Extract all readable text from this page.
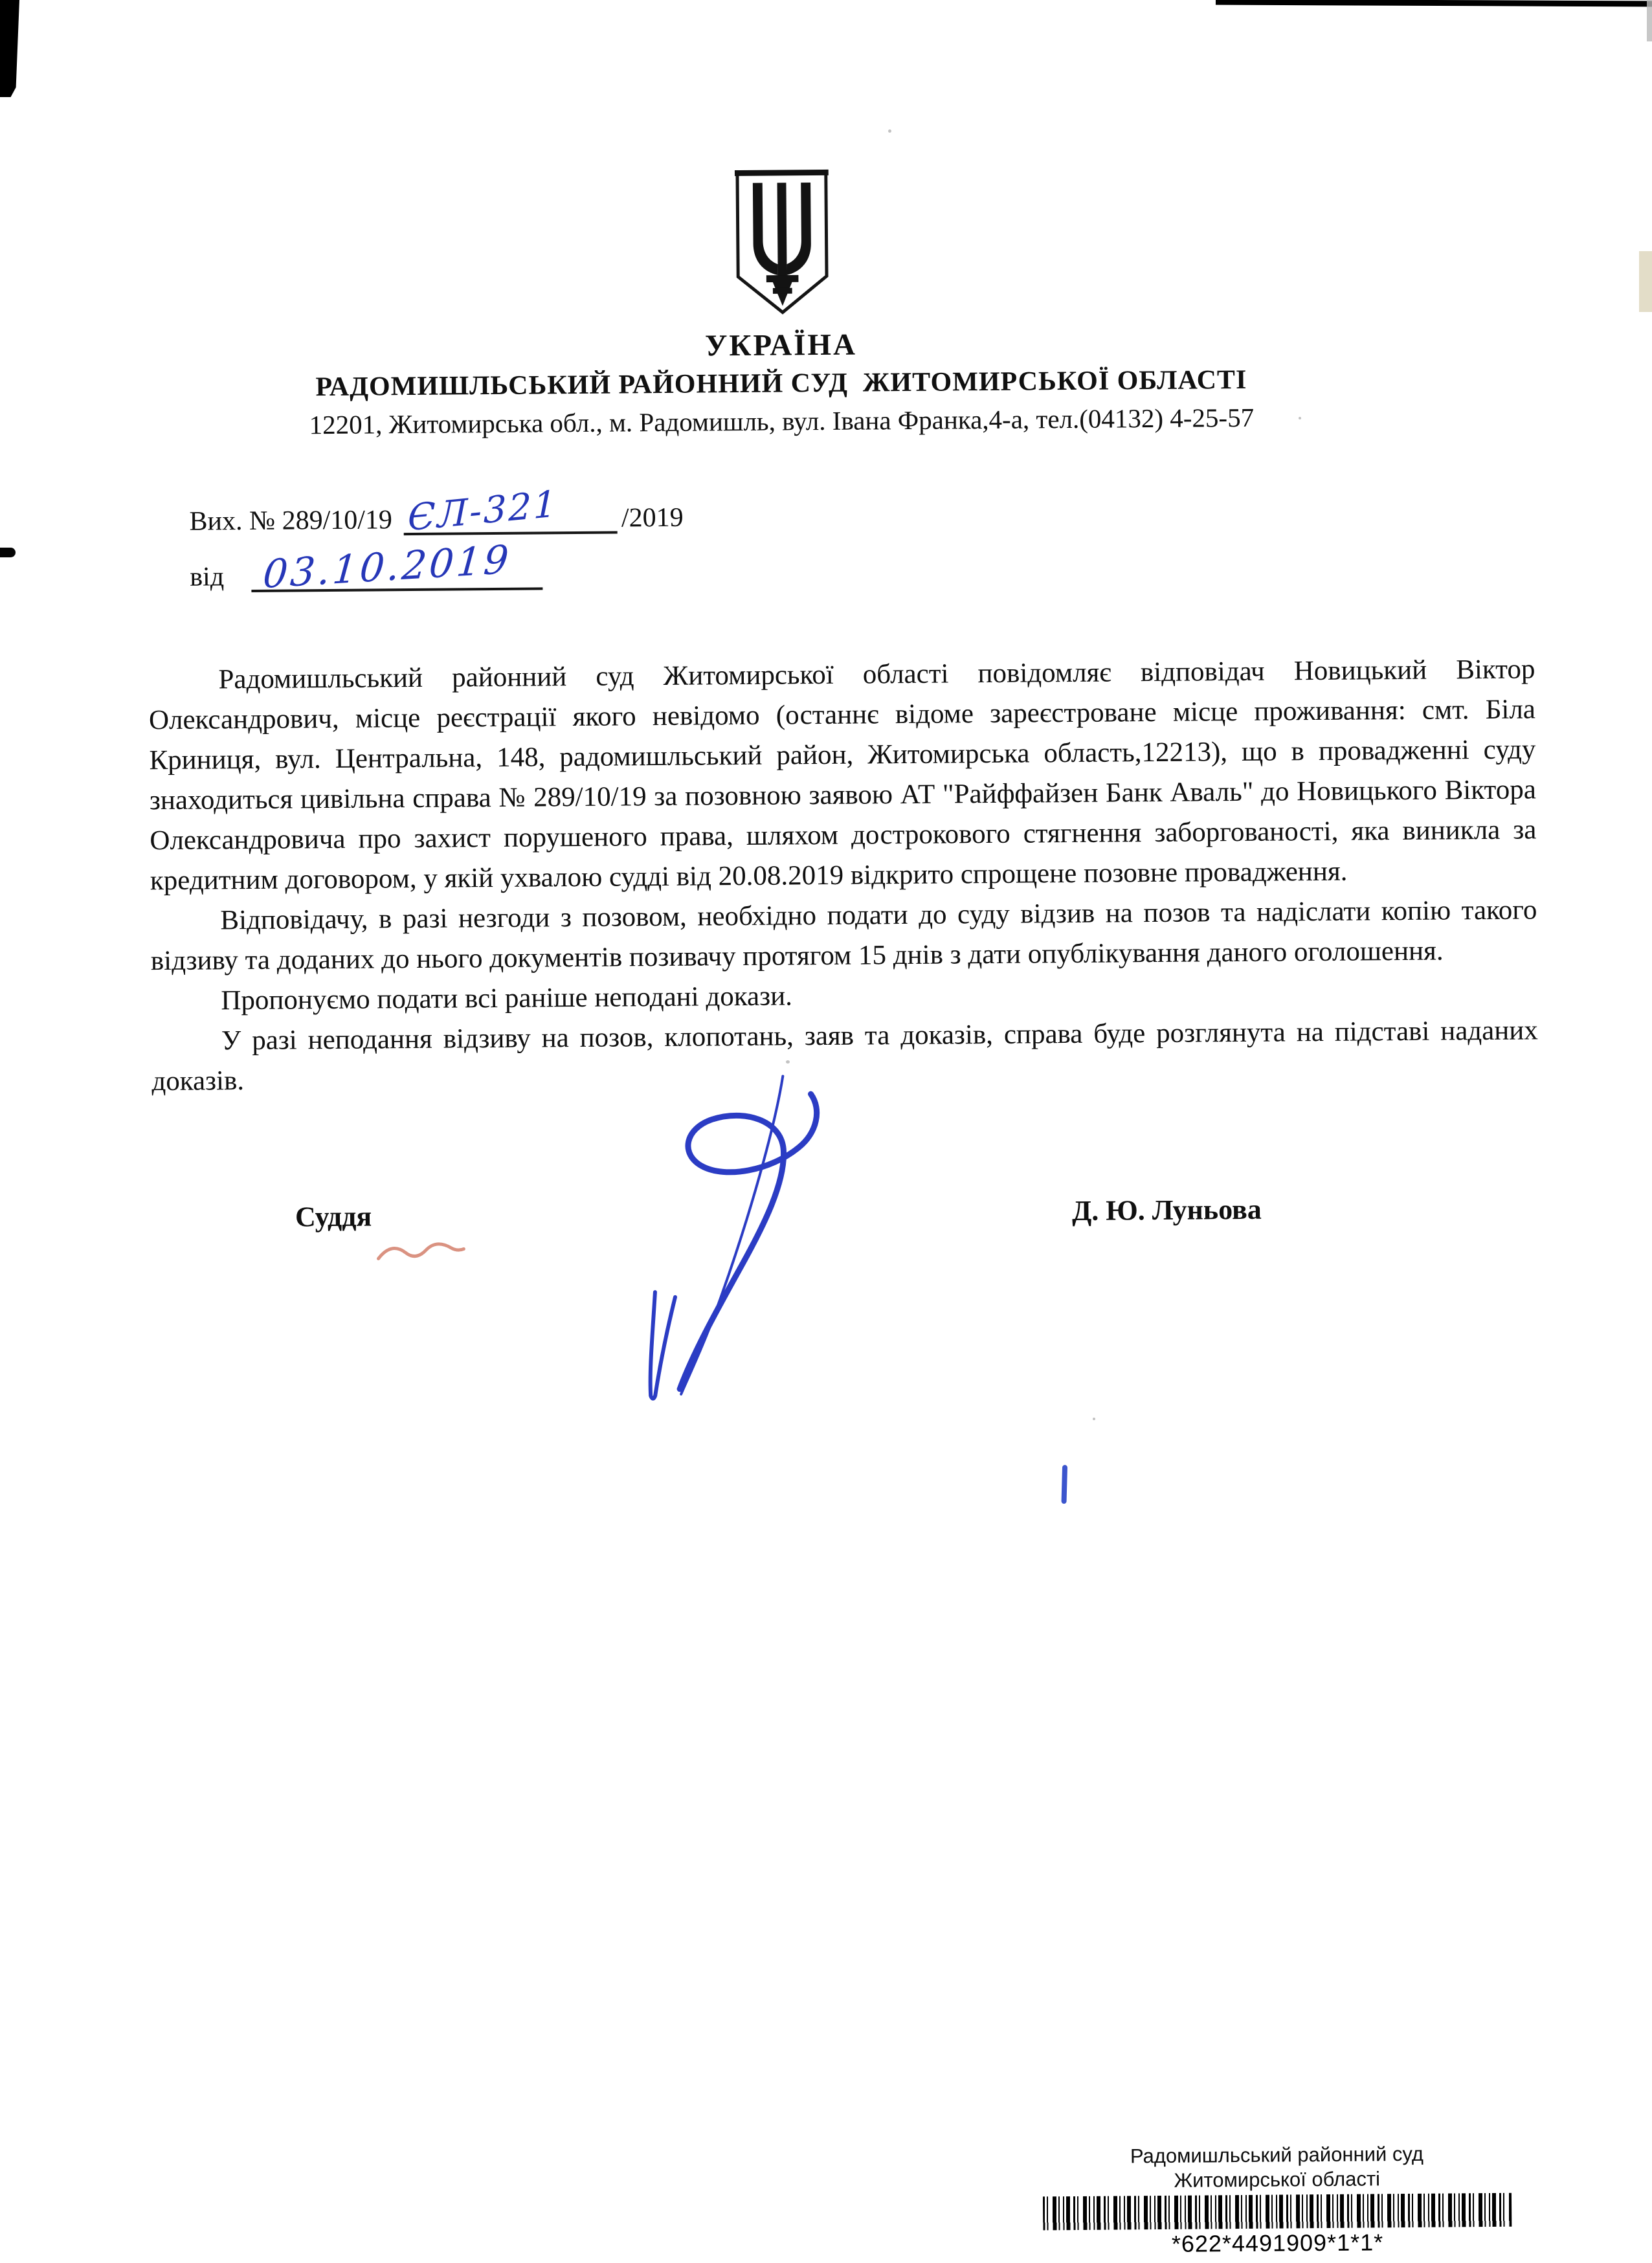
УКРАЇНА
РАДОМИШЛЬСЬКИЙ РАЙОННИЙ СУД  ЖИТОМИРСЬКОЇ ОБЛАСТІ
12201, Житомирська обл., м. Радомишль, вул. Івана Франка,4-а, тел.(04132) 4-25-57
Вих. № 289/10/19 ЄЛ-321 /2019
від 03.10.2019

Радомишльський районний суд Житомирської області повідомляє відповідач Новицький Віктор Олександрович, місце реєстрації якого невідомо (останнє відоме зареєстроване місце проживання: смт. Біла Криниця, вул. Центральна, 148, радомишльський район, Житомирська область,12213), що в провадженні суду знаходиться цивільна справа № 289/10/19 за позовною заявою АТ "Райффайзен Банк Аваль" до Новицького Віктора Олександровича про захист порушеного права, шляхом дострокового стягнення заборгованості, яка виникла за кредитним договором, у якій ухвалою судді від 20.08.2019 відкрито спрощене позовне провадження.

Відповідачу, в разі незгоди з позовом, необхідно подати до суду відзив на позов та надіслати копію такого відзиву та доданих до нього документів позивачу протягом 15 днів з дати опублікування даного оголошення.

Пропонуємо подати всі раніше неподані докази.

У разі неподання відзиву на позов, клопотань, заяв та доказів, справа буде розглянута на підставі наданих доказів.

Суддя	Д. Ю. Луньова
Радомишльський районний суд
Житомирської області
*622*4491909*1*1*
